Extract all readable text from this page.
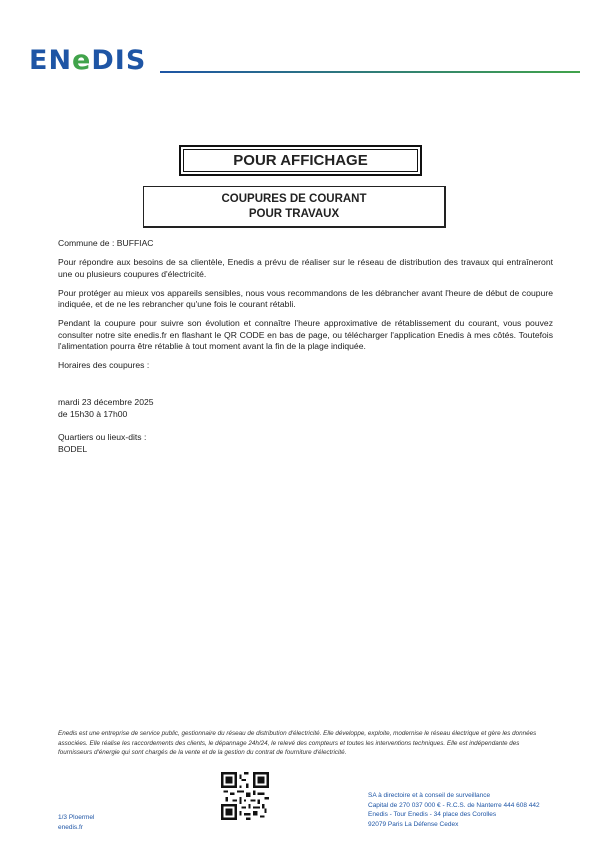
ENeDIS
POUR AFFICHAGE
COUPURES DE COURANT
POUR TRAVAUX

Commune de : BUFFIAC

Pour répondre aux besoins de sa clientèle, Enedis a prévu de réaliser sur le réseau de distribution des travaux qui entraîneront une ou plusieurs coupures d'électricité.

Pour protéger au mieux vos appareils sensibles, nous vous recommandons de les débrancher avant l'heure de début de coupure indiquée, et de ne les rebrancher qu'une fois le courant rétabli.

Pendant la coupure pour suivre son évolution et connaître l'heure approximative de rétablissement du courant, vous pouvez consulter notre site enedis.fr en flashant le QR CODE en bas de page, ou télécharger l'application Enedis à mes côtés. Toutefois l'alimentation pourra être rétablie à tout moment avant la fin de la plage indiquée.

Horaires des coupures :

mardi 23 décembre 2025
de 15h30 à 17h00

Quartiers ou lieux-dits :

BODEL
Enedis est une entreprise de service public, gestionnaire du réseau de distribution d'électricité. Elle développe, exploite, modernise le réseau électrique et gère les données associées. Elle réalise les raccordements des clients, le dépannage 24h/24, le relevé des compteurs et toutes les interventions techniques. Elle est indépendante des fournisseurs d'énergie qui sont chargés de la vente et de la gestion du contrat de fourniture d'électricité.
1/3 Ploermel
enedis.fr
SA à directoire et à conseil de surveillance
Capital de 270 037 000 € - R.C.S. de Nanterre 444 608 442
Enedis - Tour Enedis - 34 place des Corolles
92079 Paris La Défense Cedex
